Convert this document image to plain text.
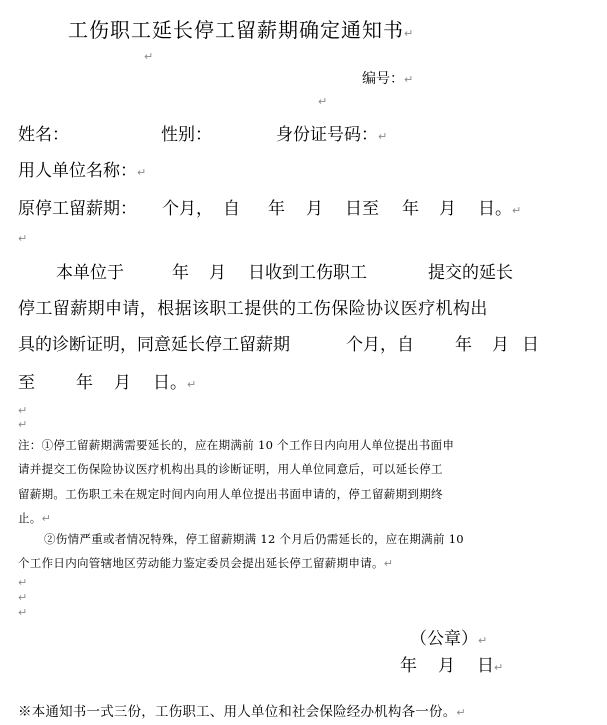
工伤职工延长停工留薪期确定通知书↵
↵
编号：↵
↵
姓名：	性别：	身份证号码：↵
用人单位名称：↵
原停工留薪期： 个月， 自 年 月 日至 年 月 日。↵
↵
本单位于	年 月 日收到工伤职工	提交的延长
停工留薪期申请，根据该职工提供的工伤保险协议医疗机构出
具的诊断证明，同意延长停工留薪期	个月，自 年 月 日
至 年 月 日。↵
↵
↵
注：①停工留薪期满需要延长的，应在期满前 10 个工作日内向用人单位提出书面申
请并提交工伤保险协议医疗机构出具的诊断证明，用人单位同意后，可以延长停工
留薪期。工伤职工未在规定时间内向用人单位提出书面申请的，停工留薪期到期终
止。↵
②伤情严重或者情况特殊，停工留薪期满 12 个月后仍需延长的，应在期满前 10
个工作日内向管辖地区劳动能力鉴定委员会提出延长停工留薪期申请。↵
↵
↵
↵
（公章）↵
年 月 日↵
※本通知书一式三份，工伤职工、用人单位和社会保险经办机构各一份。↵
